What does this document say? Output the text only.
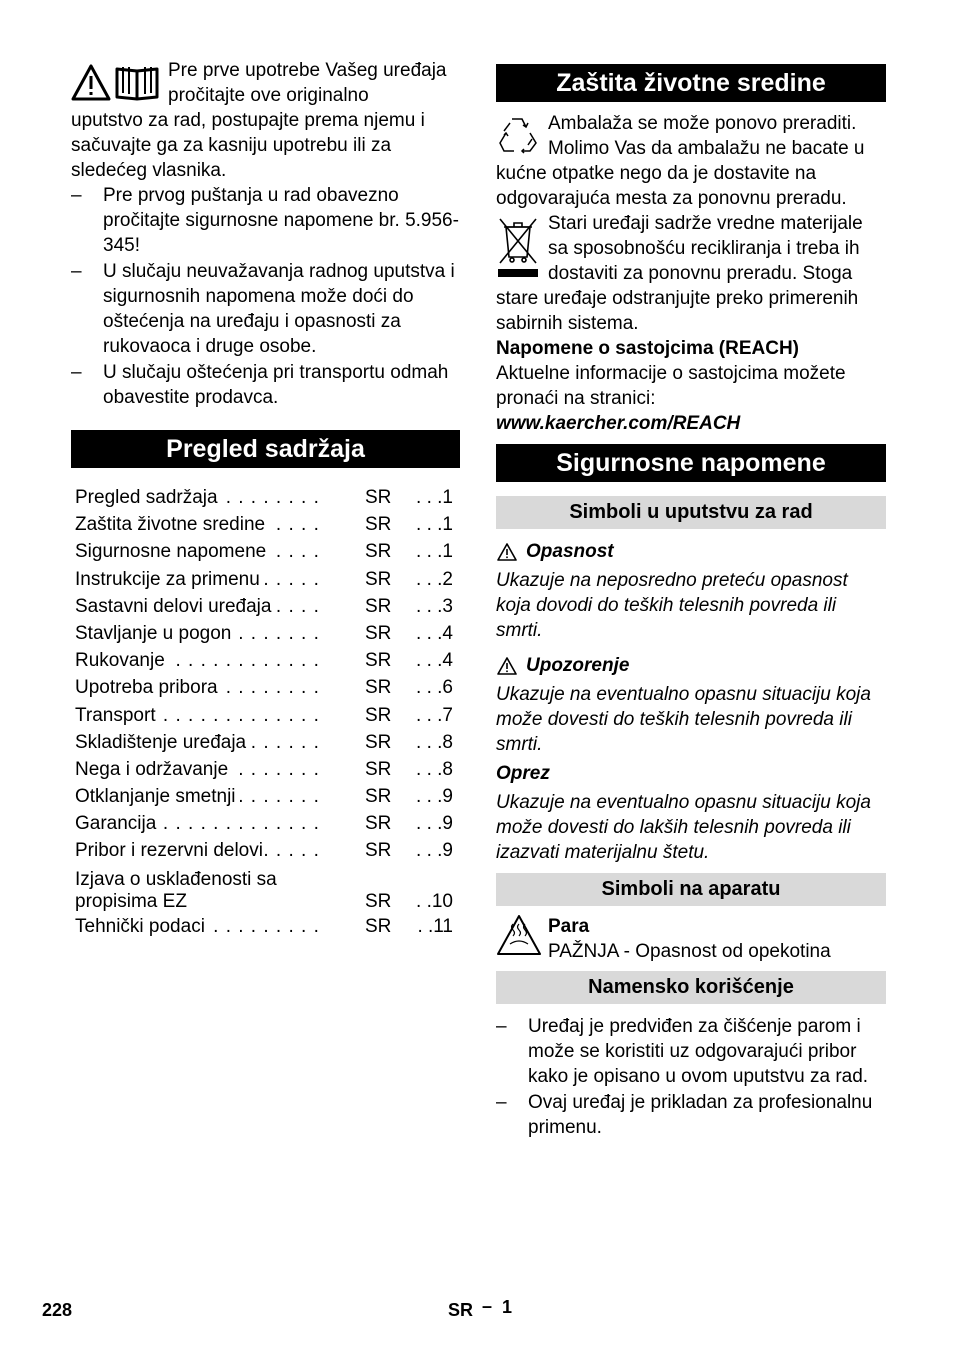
Pre prve upotrebe Vašeg uređaja pročitajte ove originalno

uputstvo za rad, postupajte prema njemu i sačuvajte ga za kasniju upotrebu ili za sledećeg vlasnika.

–	Pre prvog puštanja u rad obavezno pročitajte sigurnosne napomene br. 5.956-345!
–	U slučaju neuvažavanja radnog uputstva i sigurnosnih napomena može doći do oštećenja na uređaju i opasnosti za rukovaoca i druge osobe.
–	U slučaju oštećenja pri transportu odmah obavestite prodavca.
Pregled sadržaja
Pregled sadržaja . . .	SR	. . .1
Zaštita životne sredine . . .	SR	. . .1
Sigurnosne napomene . . .	SR	. . .1
Instrukcije za primenu . . .	SR	. . .2
Sastavni delovi uređaja . . .	SR	. . .3
Stavljanje u pogon . . .	SR	. . .4
Rukovanje . . .	SR	. . .4
Upotreba pribora . . .	SR	. . .6
Transport . . .	SR	. . .7
Skladištenje uređaja . . .	SR	. . .8
Nega i održavanje . . .	SR	. . .8
Otklanjanje smetnji . . .	SR	. . .9
Garancija . . .	SR	. . .9
Pribor i rezervni delovi . . .	SR	. . .9
Izjava o usklađenosti sa propisima EZ	SR	. .10
Tehnički podaci . . .	SR	. .11
Zaštita životne sredine

Ambalaža se može ponovo preraditi. Molimo Vas da ambalažu ne bacate u

kućne otpatke nego da je dostavite na odgovarajuća mesta za ponovnu preradu.

Stari uređaji sadrže vredne materijale sa sposobnošću recikliranja i treba ih dostaviti za ponovnu preradu. Stoga

stare uređaje odstranjujte preko primerenih sabirnih sistema.

Napomene o sastojcima (REACH)

Aktuelne informacije o sastojcima možete pronaći na stranici:

www.kaercher.com/REACH

Sigurnosne napomene
Simboli u uputstvu za rad
Opasnost

Ukazuje na neposredno preteću opasnost koja dovodi do teških telesnih povreda ili smrti.

Upozorenje

Ukazuje na eventualno opasnu situaciju koja može dovesti do teških telesnih povreda ili smrti.

Oprez

Ukazuje na eventualno opasnu situaciju koja može dovesti do lakših telesnih povreda ili izazvati materijalnu štetu.

Simboli na aparatu

Para

PAŽNJA - Opasnost od opekotina

Namensko korišćenje
–	Uređaj je predviđen za čišćenje parom i može se koristiti uz odgovarajući pribor kako je opisano u ovom uputstvu za rad.
–	Ovaj uređaj je prikladan za profesionalnu primenu.
228	SR – 1
